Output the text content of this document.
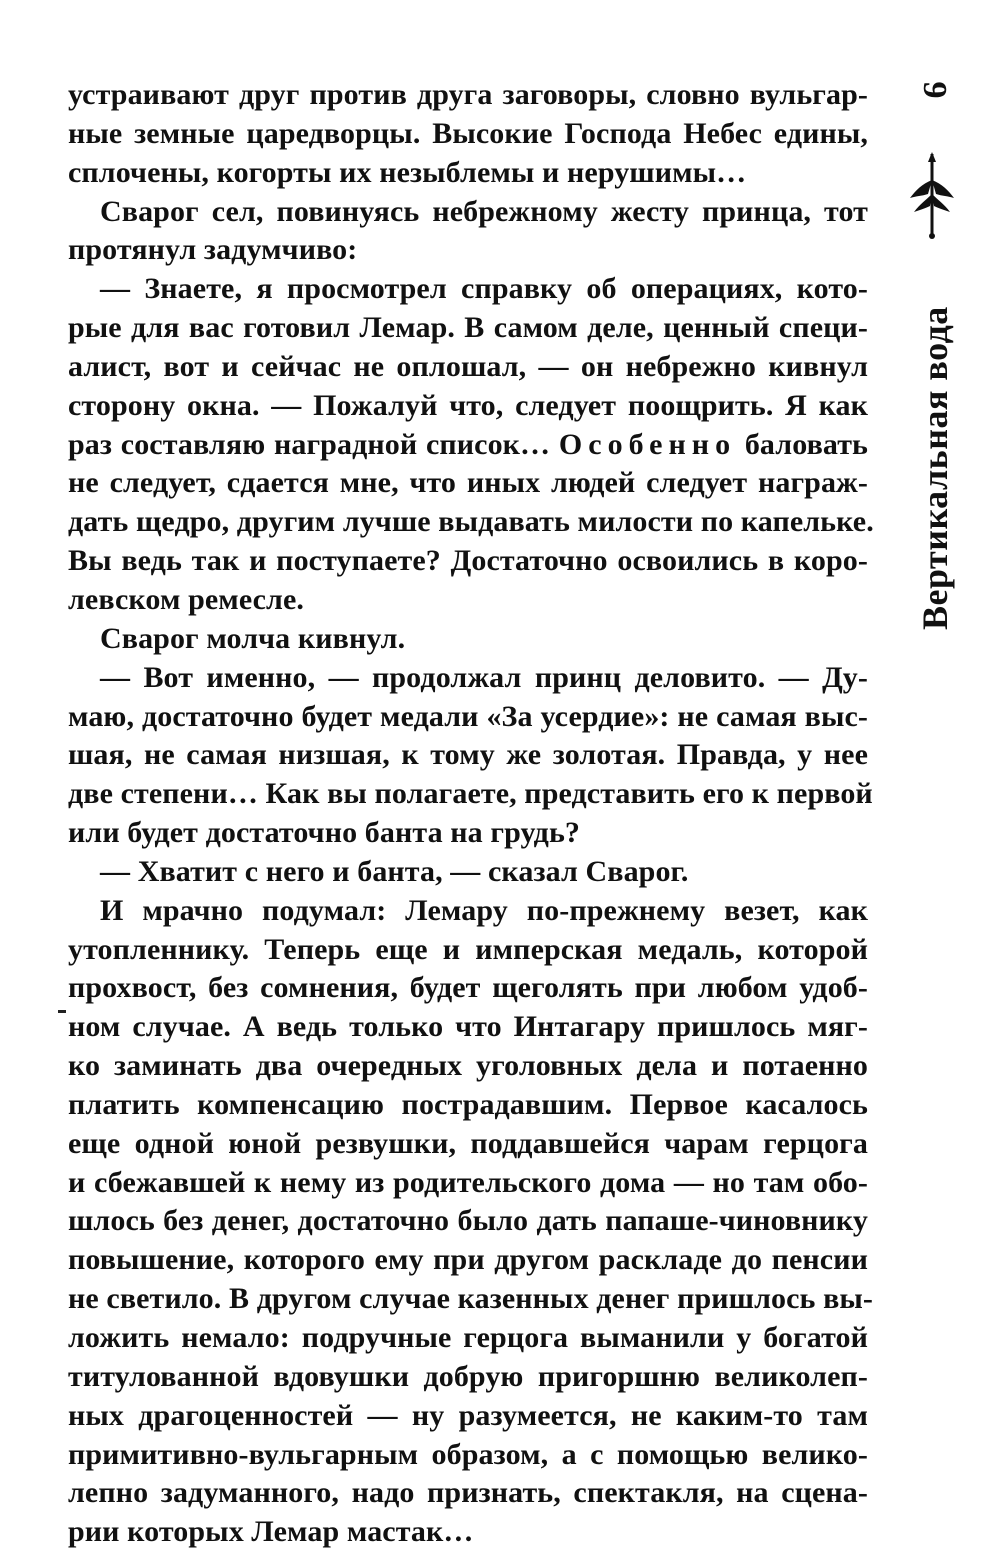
устраивают друг против друга заговоры, словно вульгар-
ные земные царедворцы. Высокие Господа Небес едины,
сплочены, когорты их незыблемы и нерушимы…
Сварог сел, повинуясь небрежному жесту принца, тот
протянул задумчиво:
— Знаете, я просмотрел справку об операциях, кото-
рые для вас готовил Лемар. В самом деле, ценный специ-
алист, вот и сейчас не оплошал, — он небрежно кивнул
сторону окна. — Пожалуй что, следует поощрить. Я как
раз составляю наградной список… Особенно баловать
не следует, сдается мне, что иных людей следует награж-
дать щедро, другим лучше выдавать милости по капельке.
Вы ведь так и поступаете? Достаточно освоились в коро-
левском ремесле.
Сварог молча кивнул.
— Вот именно, — продолжал принц деловито. — Ду-
маю, достаточно будет медали «За усердие»: не самая выс-
шая, не самая низшая, к тому же золотая. Правда, у нее
две степени… Как вы полагаете, представить его к первой
или будет достаточно банта на грудь?
— Хватит с него и банта, — сказал Сварог.
И мрачно подумал: Лемару по-прежнему везет, как
утопленнику. Теперь еще и имперская медаль, которой
прохвост, без сомнения, будет щеголять при любом удоб-
ном случае. А ведь только что Интагару пришлось мяг-
ко заминать два очередных уголовных дела и потаенно
платить компенсацию пострадавшим. Первое касалось
еще одной юной резвушки, поддавшейся чарам герцога
и сбежавшей к нему из родительского дома — но там обо-
шлось без денег, достаточно было дать папаше-чиновнику
повышение, которого ему при другом раскладе до пенсии
не светило. В другом случае казенных денег пришлось вы-
ложить немало: подручные герцога выманили у богатой
титулованной вдовушки добрую пригоршню великолеп-
ных драгоценностей — ну разумеется, не каким-то там
примитивно-вульгарным образом, а с помощью велико-
лепно задуманного, надо признать, спектакля, на сцена-
рии которых Лемар мастак…
9
Вертикальная вода
